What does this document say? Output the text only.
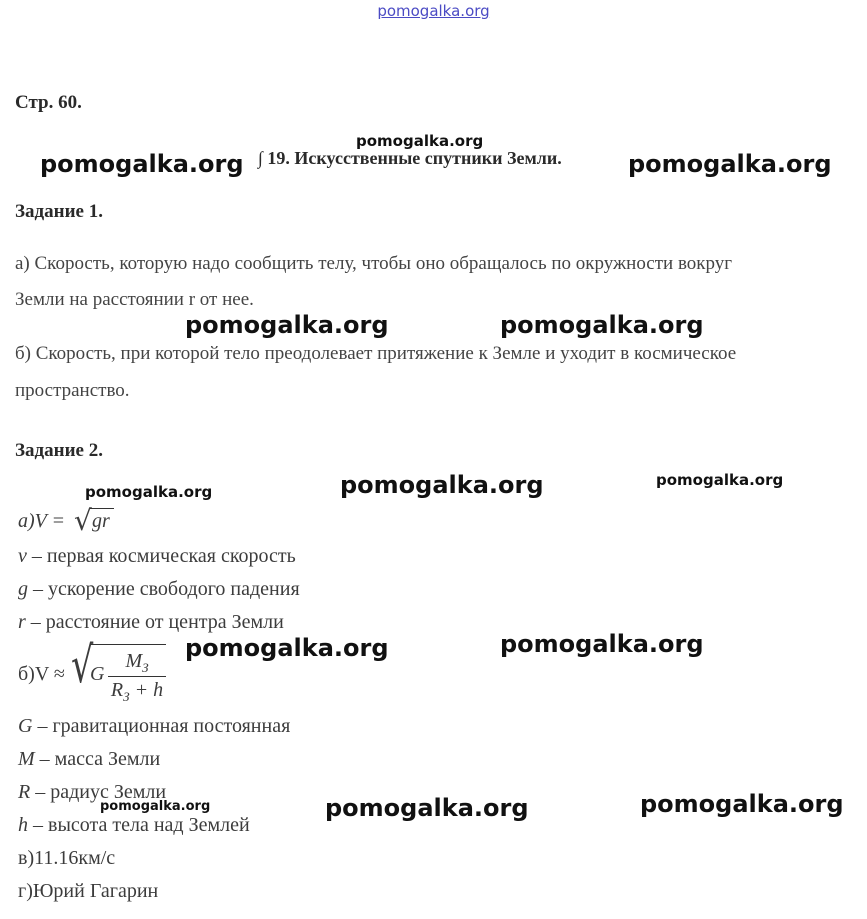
pomogalka.org
Стр. 60.
∫ 19. Искусственные спутники Земли.
Задание 1.
а) Скорость, которую надо сообщить телу, чтобы оно обращалось по окружности вокруг
Земли на расстоянии r от нее.
б) Скорость, при которой тело преодолевает притяжение к Земле и уходит в космическое
пространство.
Задание 2.
a)V = √ gr
v – первая космическая скорость
g – ускорение свободого падения
r – расстояние от центра Земли
б)V ≈ √
G
$M_З$
$R_З + h$
G – гравитационная постоянная
M – масса Земли
R – радиус Земли
h – высота тела над Землей
в)11.16км/с
г)Юрий Гагарин
pomogalka.org
pomogalka.org	pomogalka.org
pomogalka.org	pomogalka.org
pomogalka.org	pomogalka.org	pomogalka.org
pomogalka.org	pomogalka.org
pomogalka.org	pomogalka.org	pomogalka.org
